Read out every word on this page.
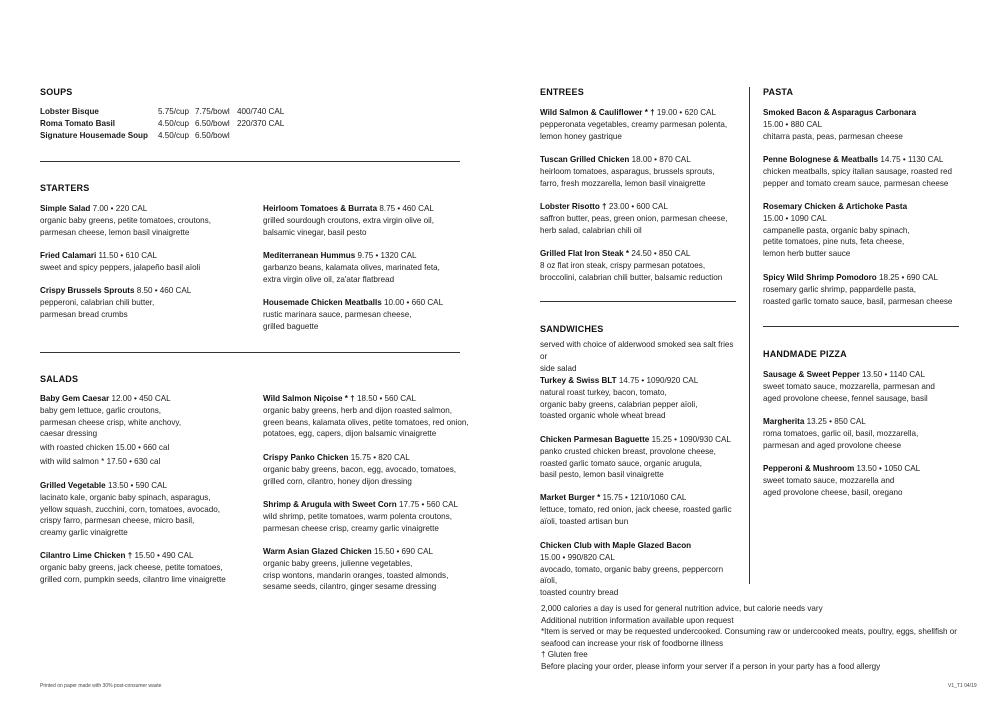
SOUPS
Lobster Bisque	5.75/cup 7.75/bowl 400/740 CAL
Roma Tomato Basil	4.50/cup 6.50/bowl 220/370 CAL
Signature Housemade Soup 4.50/cup 6.50/bowl
STARTERS
Simple Salad 7.00 • 220 CAL
organic baby greens, petite tomatoes, croutons,
parmesan cheese, lemon basil vinaigrette
Fried Calamari 11.50 • 610 CAL
sweet and spicy peppers, jalapeño basil aïoli
Crispy Brussels Sprouts 8.50 • 460 CAL
pepperoni, calabrian chili butter,
parmesan bread crumbs
Heirloom Tomatoes & Burrata 8.75 • 460 CAL
grilled sourdough croutons, extra virgin olive oil,
balsamic vinegar, basil pesto
Mediterranean Hummus 9.75 • 1320 CAL
garbanzo beans, kalamata olives, marinated feta,
extra virgin olive oil, za'atar flatbread
Housemade Chicken Meatballs 10.00 • 660 CAL
rustic marinara sauce, parmesan cheese,
grilled baguette
SALADS
Baby Gem Caesar 12.00 • 450 CAL
baby gem lettuce, garlic croutons,
parmesan cheese crisp, white anchovy,
caesar dressing
with roasted chicken 15.00 • 660 cal
with wild salmon * 17.50 • 630 cal
Grilled Vegetable 13.50 • 590 CAL
lacinato kale, organic baby spinach, asparagus,
yellow squash, zucchini, corn, tomatoes, avocado,
crispy farro, parmesan cheese, micro basil,
creamy garlic vinaigrette
Cilantro Lime Chicken † 15.50 • 490 CAL
organic baby greens, jack cheese, petite tomatoes,
grilled corn, pumpkin seeds, cilantro lime vinaigrette
Wild Salmon Niçoise * † 18.50 • 560 CAL
organic baby greens, herb and dijon roasted salmon,
green beans, kalamata olives, petite tomatoes, red onion,
potatoes, egg, capers, dijon balsamic vinaigrette
Crispy Panko Chicken 15.75 • 820 CAL
organic baby greens, bacon, egg, avocado, tomatoes,
grilled corn, cilantro, honey dijon dressing
Shrimp & Arugula with Sweet Corn 17.75 • 560 CAL
wild shrimp, petite tomatoes, warm polenta croutons,
parmesan cheese crisp, creamy garlic vinaigrette
Warm Asian Glazed Chicken 15.50 • 690 CAL
organic baby greens, julienne vegetables,
crisp wontons, mandarin oranges, toasted almonds,
sesame seeds, cilantro, ginger sesame dressing
ENTREES
Wild Salmon & Cauliflower * † 19.00 • 620 CAL
pepperonata vegetables, creamy parmesan polenta,
lemon honey gastrique
Tuscan Grilled Chicken 18.00 • 870 CAL
heirloom tomatoes, asparagus, brussels sprouts,
farro, fresh mozzarella, lemon basil vinaigrette
Lobster Risotto † 23.00 • 600 CAL
saffron butter, peas, green onion, parmesan cheese,
herb salad, calabrian chili oil
Grilled Flat Iron Steak * 24.50 • 850 CAL
8 oz flat iron steak, crispy parmesan potatoes,
broccolini, calabrian chili butter, balsamic reduction
SANDWICHES
served with choice of alderwood smoked sea salt fries or
side salad
Turkey & Swiss BLT 14.75 • 1090/920 CAL
natural roast turkey, bacon, tomato,
organic baby greens, calabrian pepper aïoli,
toasted organic whole wheat bread
Chicken Parmesan Baguette 15.25 • 1090/930 CAL
panko crusted chicken breast, provolone cheese,
roasted garlic tomato sauce, organic arugula,
basil pesto, lemon basil vinaigrette
Market Burger * 15.75 • 1210/1060 CAL
lettuce, tomato, red onion, jack cheese, roasted garlic
aïoli, toasted artisan bun
Chicken Club with Maple Glazed Bacon
15.00 • 990/820 CAL
avocado, tomato, organic baby greens, peppercorn aïoli,
toasted country bread
PASTA
Smoked Bacon & Asparagus Carbonara
15.00 • 880 CAL
chitarra pasta, peas, parmesan cheese
Penne Bolognese & Meatballs 14.75 • 1130 CAL
chicken meatballs, spicy italian sausage, roasted red
pepper and tomato cream sauce, parmesan cheese
Rosemary Chicken & Artichoke Pasta
15.00 • 1090 CAL
campanelle pasta, organic baby spinach,
petite tomatoes, pine nuts, feta cheese,
lemon herb butter sauce
Spicy Wild Shrimp Pomodoro 18.25 • 690 CAL
rosemary garlic shrimp, pappardelle pasta,
roasted garlic tomato sauce, basil, parmesan cheese
HANDMADE PIZZA
Sausage & Sweet Pepper 13.50 • 1140 CAL
sweet tomato sauce, mozzarella, parmesan and
aged provolone cheese, fennel sausage, basil
Margherita 13.25 • 850 CAL
roma tomatoes, garlic oil, basil, mozzarella,
parmesan and aged provolone cheese
Pepperoni & Mushroom 13.50 • 1050 CAL
sweet tomato sauce, mozzarella and
aged provolone cheese, basil, oregano
2,000 calories a day is used for general nutrition advice, but calorie needs vary
Additional nutrition information available upon request
*Item is served or may be requested undercooked. Consuming raw or undercooked meats, poultry, eggs, shellfish or
seafood can increase your risk of foodborne illness
† Gluten free
Before placing your order, please inform your server if a person in your party has a food allergy
Printed on paper made with 30% post-consumer waste	V1_T1 04/19
